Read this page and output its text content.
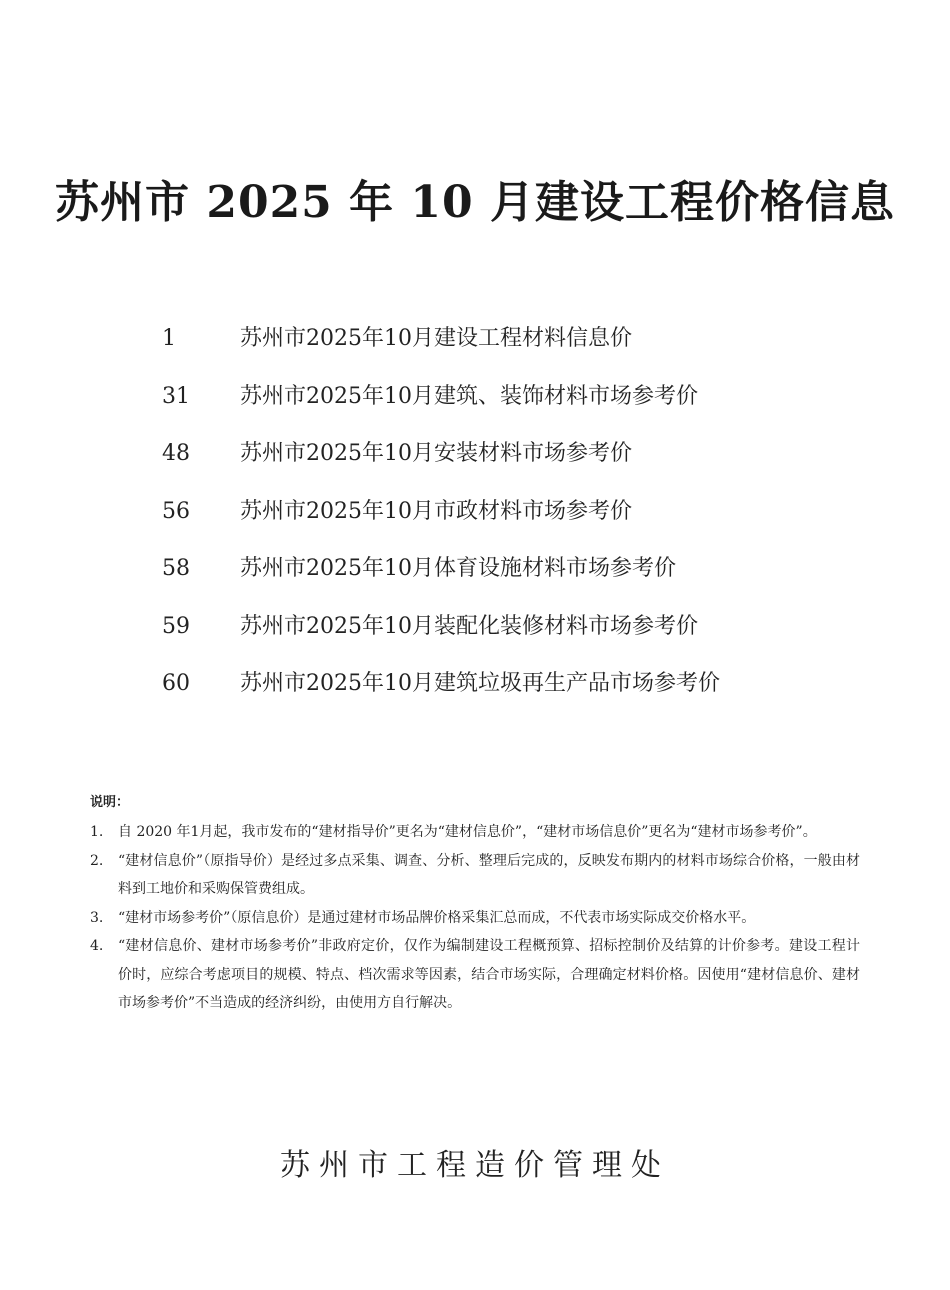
苏州市 2025 年 10 月建设工程价格信息
1	苏州市2025年10月建设工程材料信息价
31	苏州市2025年10月建筑、装饰材料市场参考价
48	苏州市2025年10月安装材料市场参考价
56	苏州市2025年10月市政材料市场参考价
58	苏州市2025年10月体育设施材料市场参考价
59	苏州市2025年10月装配化装修材料市场参考价
60	苏州市2025年10月建筑垃圾再生产品市场参考价
说明：
1.	自 2020 年1月起，我市发布的“建材指导价”更名为“建材信息价”，“建材市场信息价”更名为“建材市场参考价”。
2.	“建材信息价”（原指导价）是经过多点采集、调查、分析、整理后完成的，反映发布期内的材料市场综合价格，一般由材料到工地价和采购保管费组成。
3.	“建材市场参考价”（原信息价）是通过建材市场品牌价格采集汇总而成，不代表市场实际成交价格水平。
4.	“建材信息价、建材市场参考价”非政府定价，仅作为编制建设工程概预算、招标控制价及结算的计价参考。建设工程计价时，应综合考虑项目的规模、特点、档次需求等因素，结合市场实际，合理确定材料价格。因使用“建材信息价、建材市场参考价”不当造成的经济纠纷，由使用方自行解决。
苏州市工程造价管理处
